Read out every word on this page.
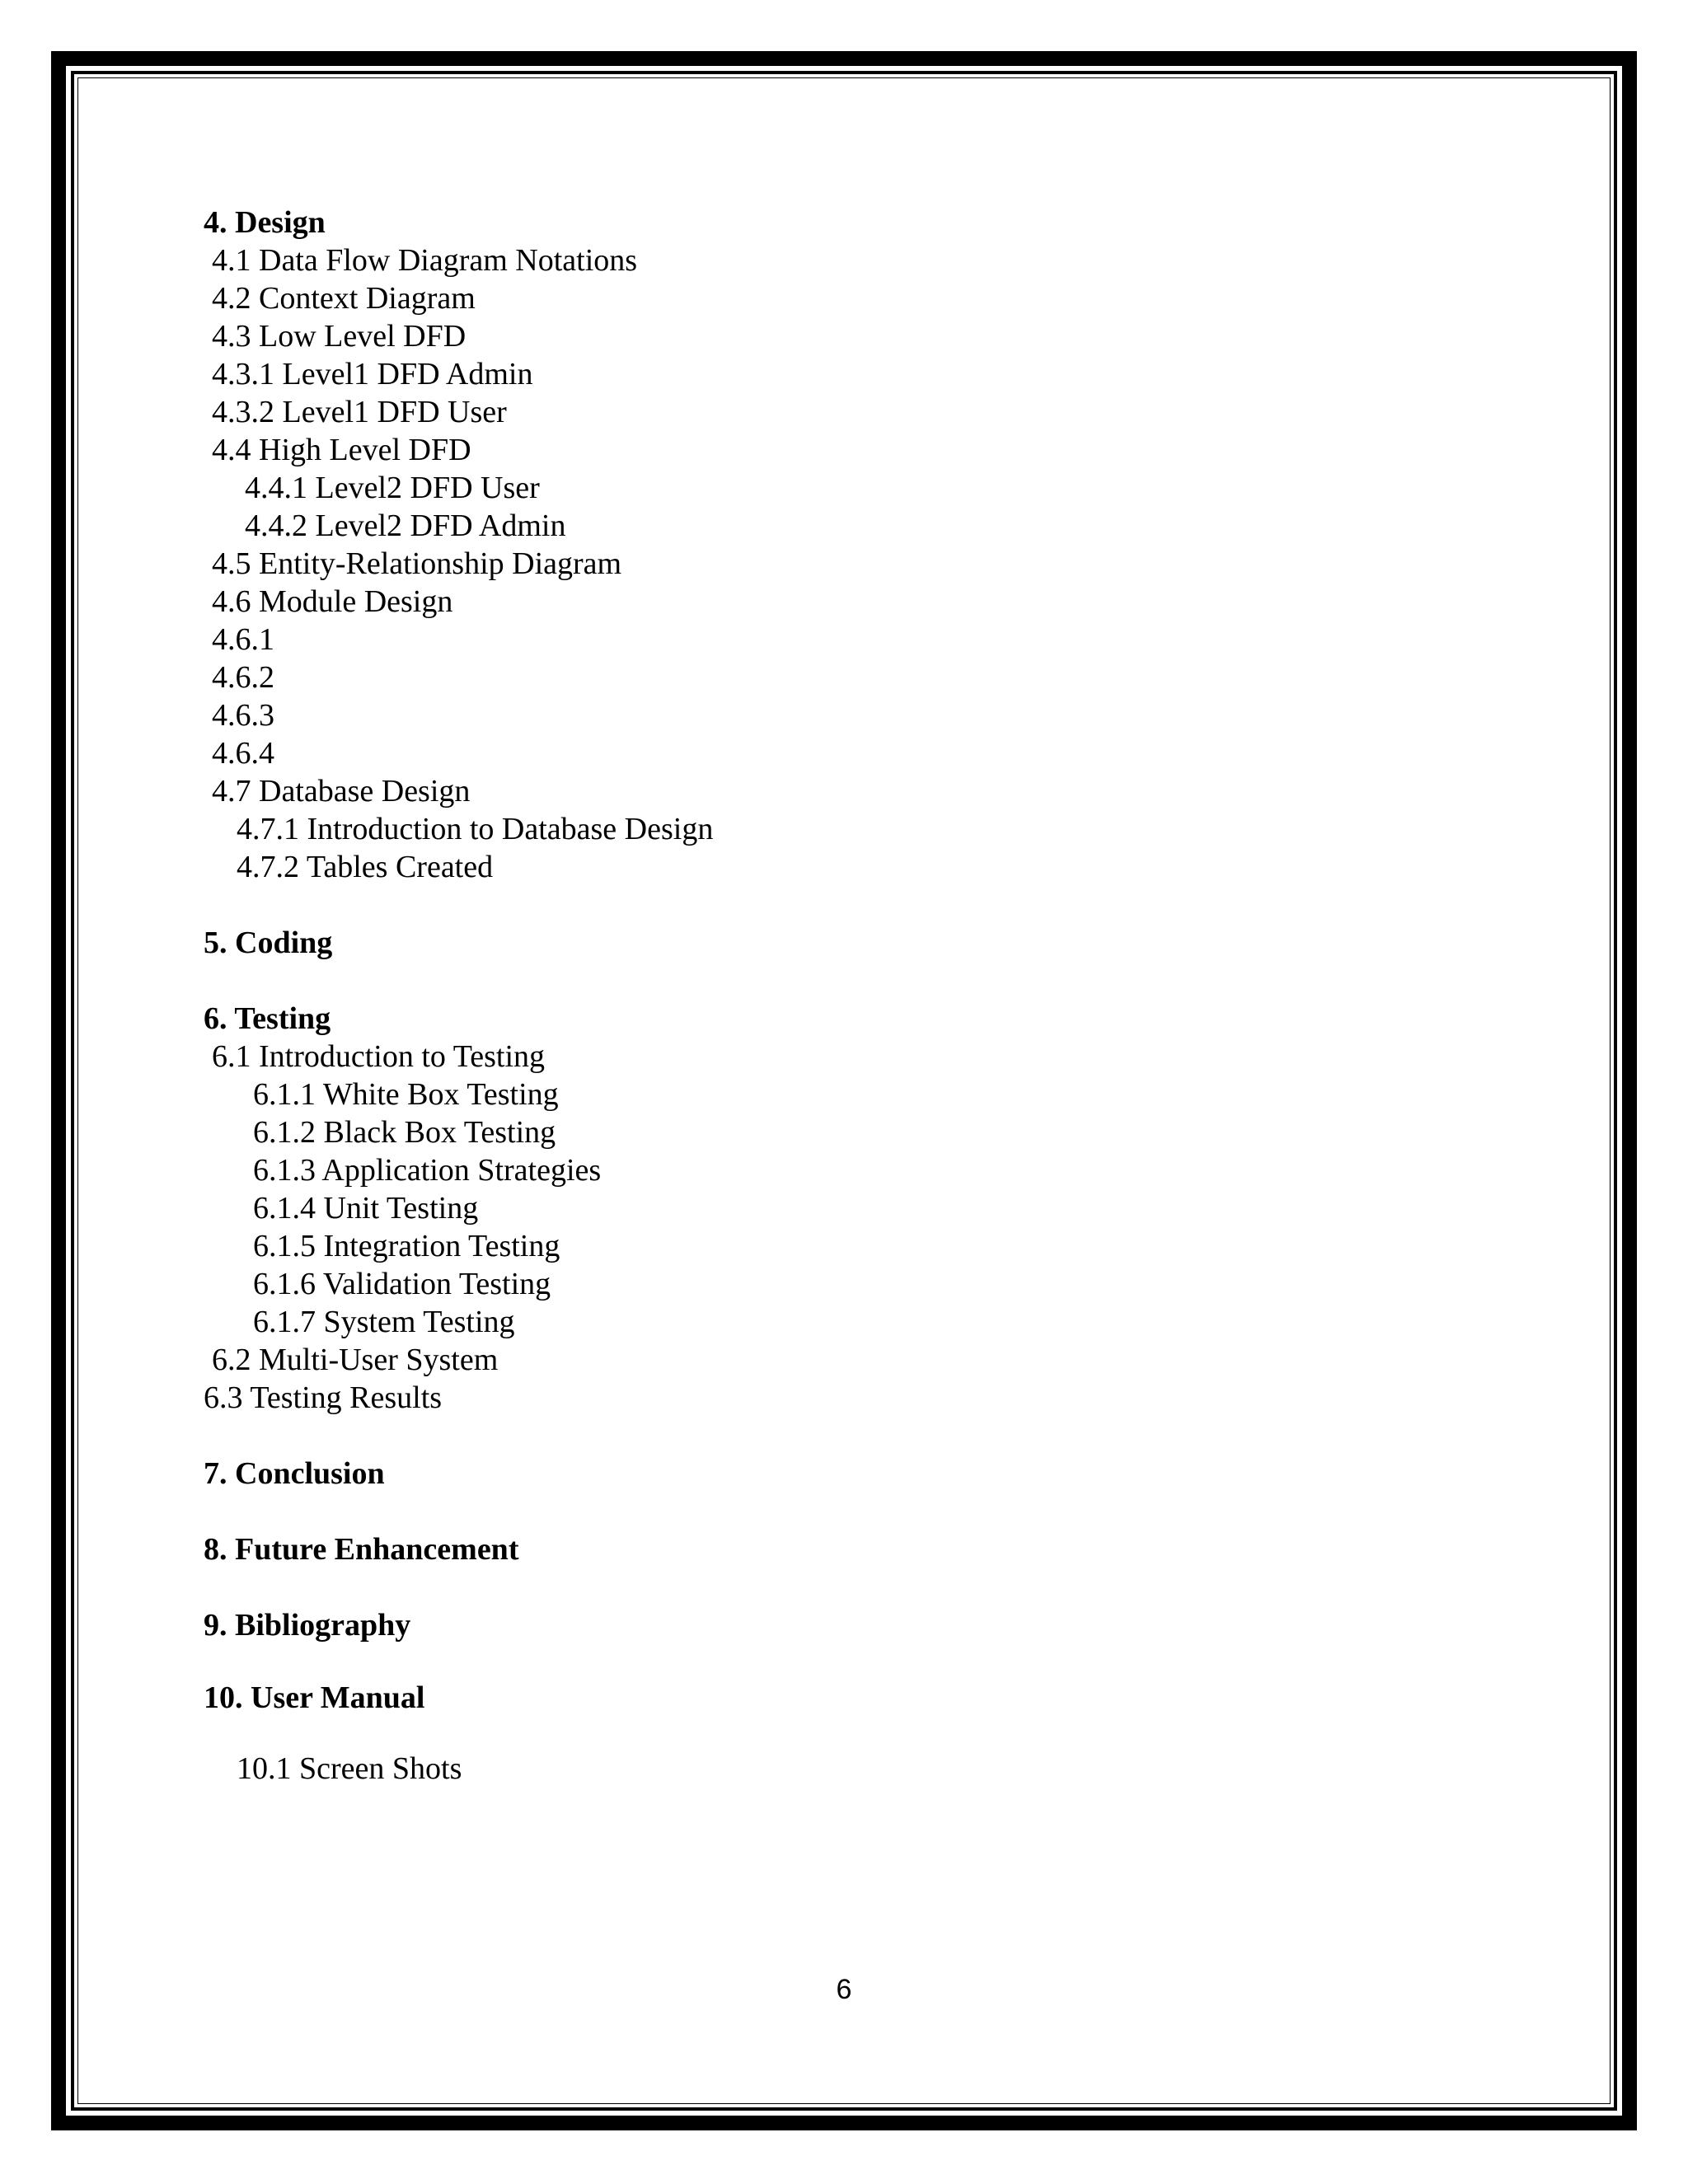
4. Design
4.1 Data Flow Diagram Notations
4.2 Context Diagram
4.3 Low Level DFD
4.3.1 Level1 DFD Admin
4.3.2 Level1 DFD User
4.4 High Level DFD
4.4.1 Level2 DFD User
4.4.2 Level2 DFD Admin
4.5 Entity-Relationship Diagram
4.6 Module Design
4.6.1
4.6.2
4.6.3
4.6.4
4.7 Database Design
4.7.1 Introduction to Database Design
4.7.2 Tables Created
5. Coding
6. Testing
6.1 Introduction to Testing
6.1.1 White Box Testing
6.1.2 Black Box Testing
6.1.3 Application Strategies
6.1.4 Unit Testing
6.1.5 Integration Testing
6.1.6 Validation Testing
6.1.7 System Testing
6.2 Multi-User System
6.3 Testing Results
7. Conclusion
8. Future Enhancement
9. Bibliography
10. User Manual
10.1 Screen Shots
6
